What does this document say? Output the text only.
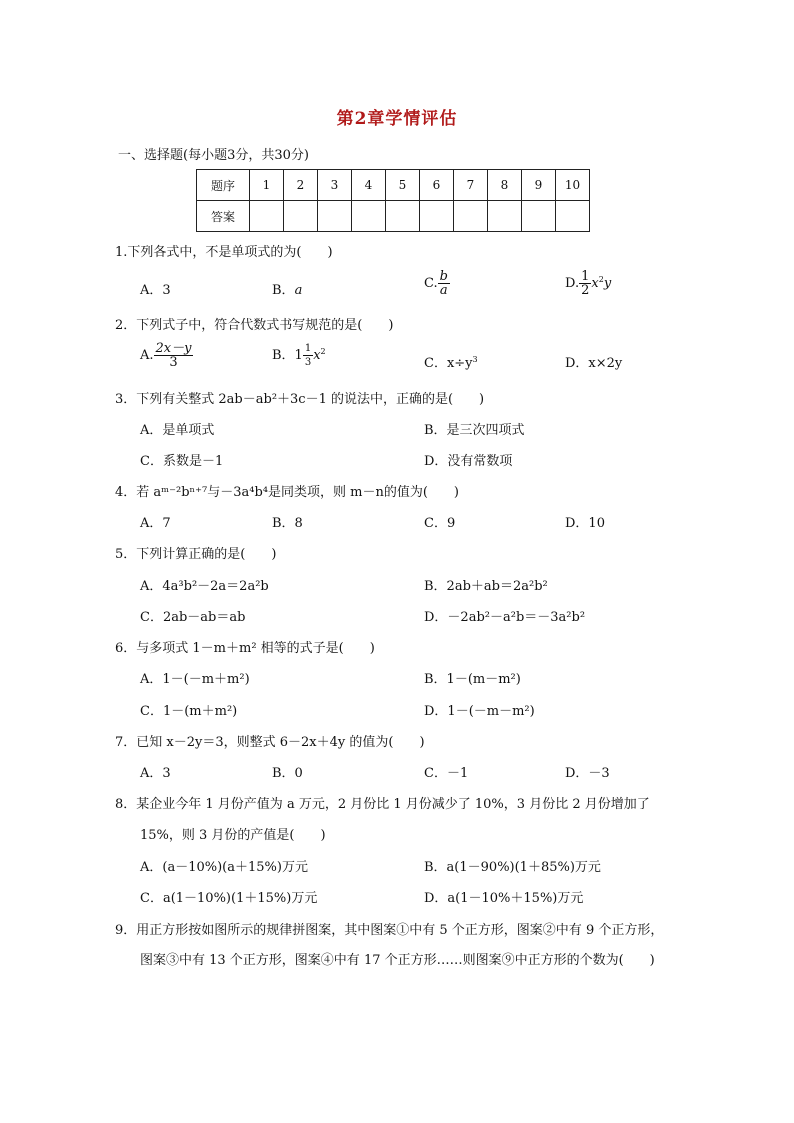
第2章学情评估
一、选择题(每小题3分，共30分)
题序	1	2	3	4	5	6	7	8	9	10
答案										
1.下列各式中，不是单项式的为(　　)
A．3	B．a	C. $\frac{b}{a}$	D. $\frac{1}{2} x^2y$
2．下列式子中，符合代数式书写规范的是(　　)
A. $\frac{2x-y}{3}$	B．$1 \frac{1}{3} x^2$
C．$x\div y^3$	D．x×2y
3．下列有关整式 2ab－ab²＋3c－1 的说法中，正确的是(　　)
A．是单项式	B．是三次四项式
C．系数是－1	D．没有常数项
4．若 aᵐ⁻²bⁿ⁺⁷与－3a⁴b⁴是同类项，则 m－n的值为(　　)
A．7	B．8	C．9	D．10
5．下列计算正确的是(　　)
A．4a³b²－2a＝2a²b	B．2ab＋ab＝2a²b²
C．2ab－ab＝ab	D．－2ab²－a²b＝－3a²b²
6．与多项式 1－m＋m² 相等的式子是(　　)
A．1－(－m＋m²)	B．1－(m－m²)
C．1－(m＋m²)	D．1－(－m－m²)
7．已知 x－2y＝3，则整式 6－2x＋4y 的值为(　　)
A．3	B．0	C．－1	D．－3
8．某企业今年 1 月份产值为 a 万元，2 月份比 1 月份减少了 10%，3 月份比 2 月份增加了
15%，则 3 月份的产值是(　　)
A．(a－10%)(a＋15%)万元	B．a(1－90%)(1＋85%)万元
C．a(1－10%)(1＋15%)万元	D．a(1－10%＋15%)万元
9．用正方形按如图所示的规律拼图案，其中图案①中有 5 个正方形，图案②中有 9 个正方形，
图案③中有 13 个正方形，图案④中有 17 个正方形……则图案⑨中正方形的个数为(　　)
